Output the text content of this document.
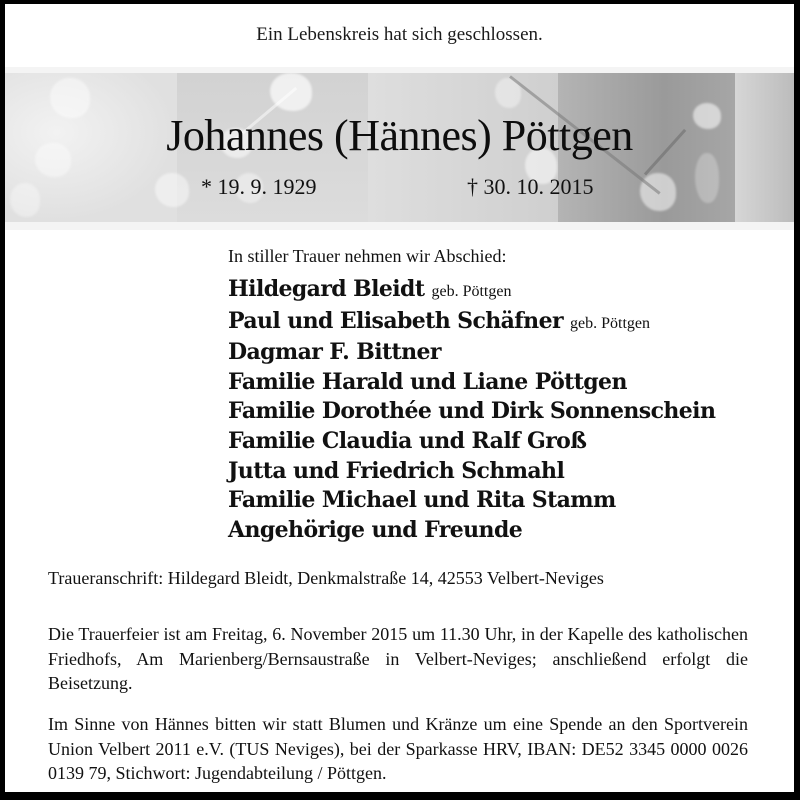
Ein Lebenskreis hat sich geschlossen.
Johannes (Hännes) Pöttgen
* 19. 9. 1929	† 30. 10. 2015
In stiller Trauer nehmen wir Abschied:
Hildegard Bleidt geb. Pöttgen
Paul und Elisabeth Schäfner geb. Pöttgen
Dagmar F. Bittner
Familie Harald und Liane Pöttgen
Familie Dorothée und Dirk Sonnenschein
Familie Claudia und Ralf Groß
Jutta und Friedrich Schmahl
Familie Michael und Rita Stamm
Angehörige und Freunde
Traueranschrift: Hildegard Bleidt, Denkmalstraße 14, 42553 Velbert-Neviges
Die Trauerfeier ist am Freitag, 6. November 2015 um 11.30 Uhr, in der Kapelle des katholischen Friedhofs, Am Marienberg/Bernsaustraße in Velbert-Neviges; anschließend erfolgt die Beisetzung.
Im Sinne von Hännes bitten wir statt Blumen und Kränze um eine Spende an den Sportverein Union Velbert 2011 e.V. (TUS Neviges), bei der Sparkasse HRV, IBAN: DE52 3345 0000 0026 0139 79, Stichwort: Jugendabteilung / Pöttgen.
